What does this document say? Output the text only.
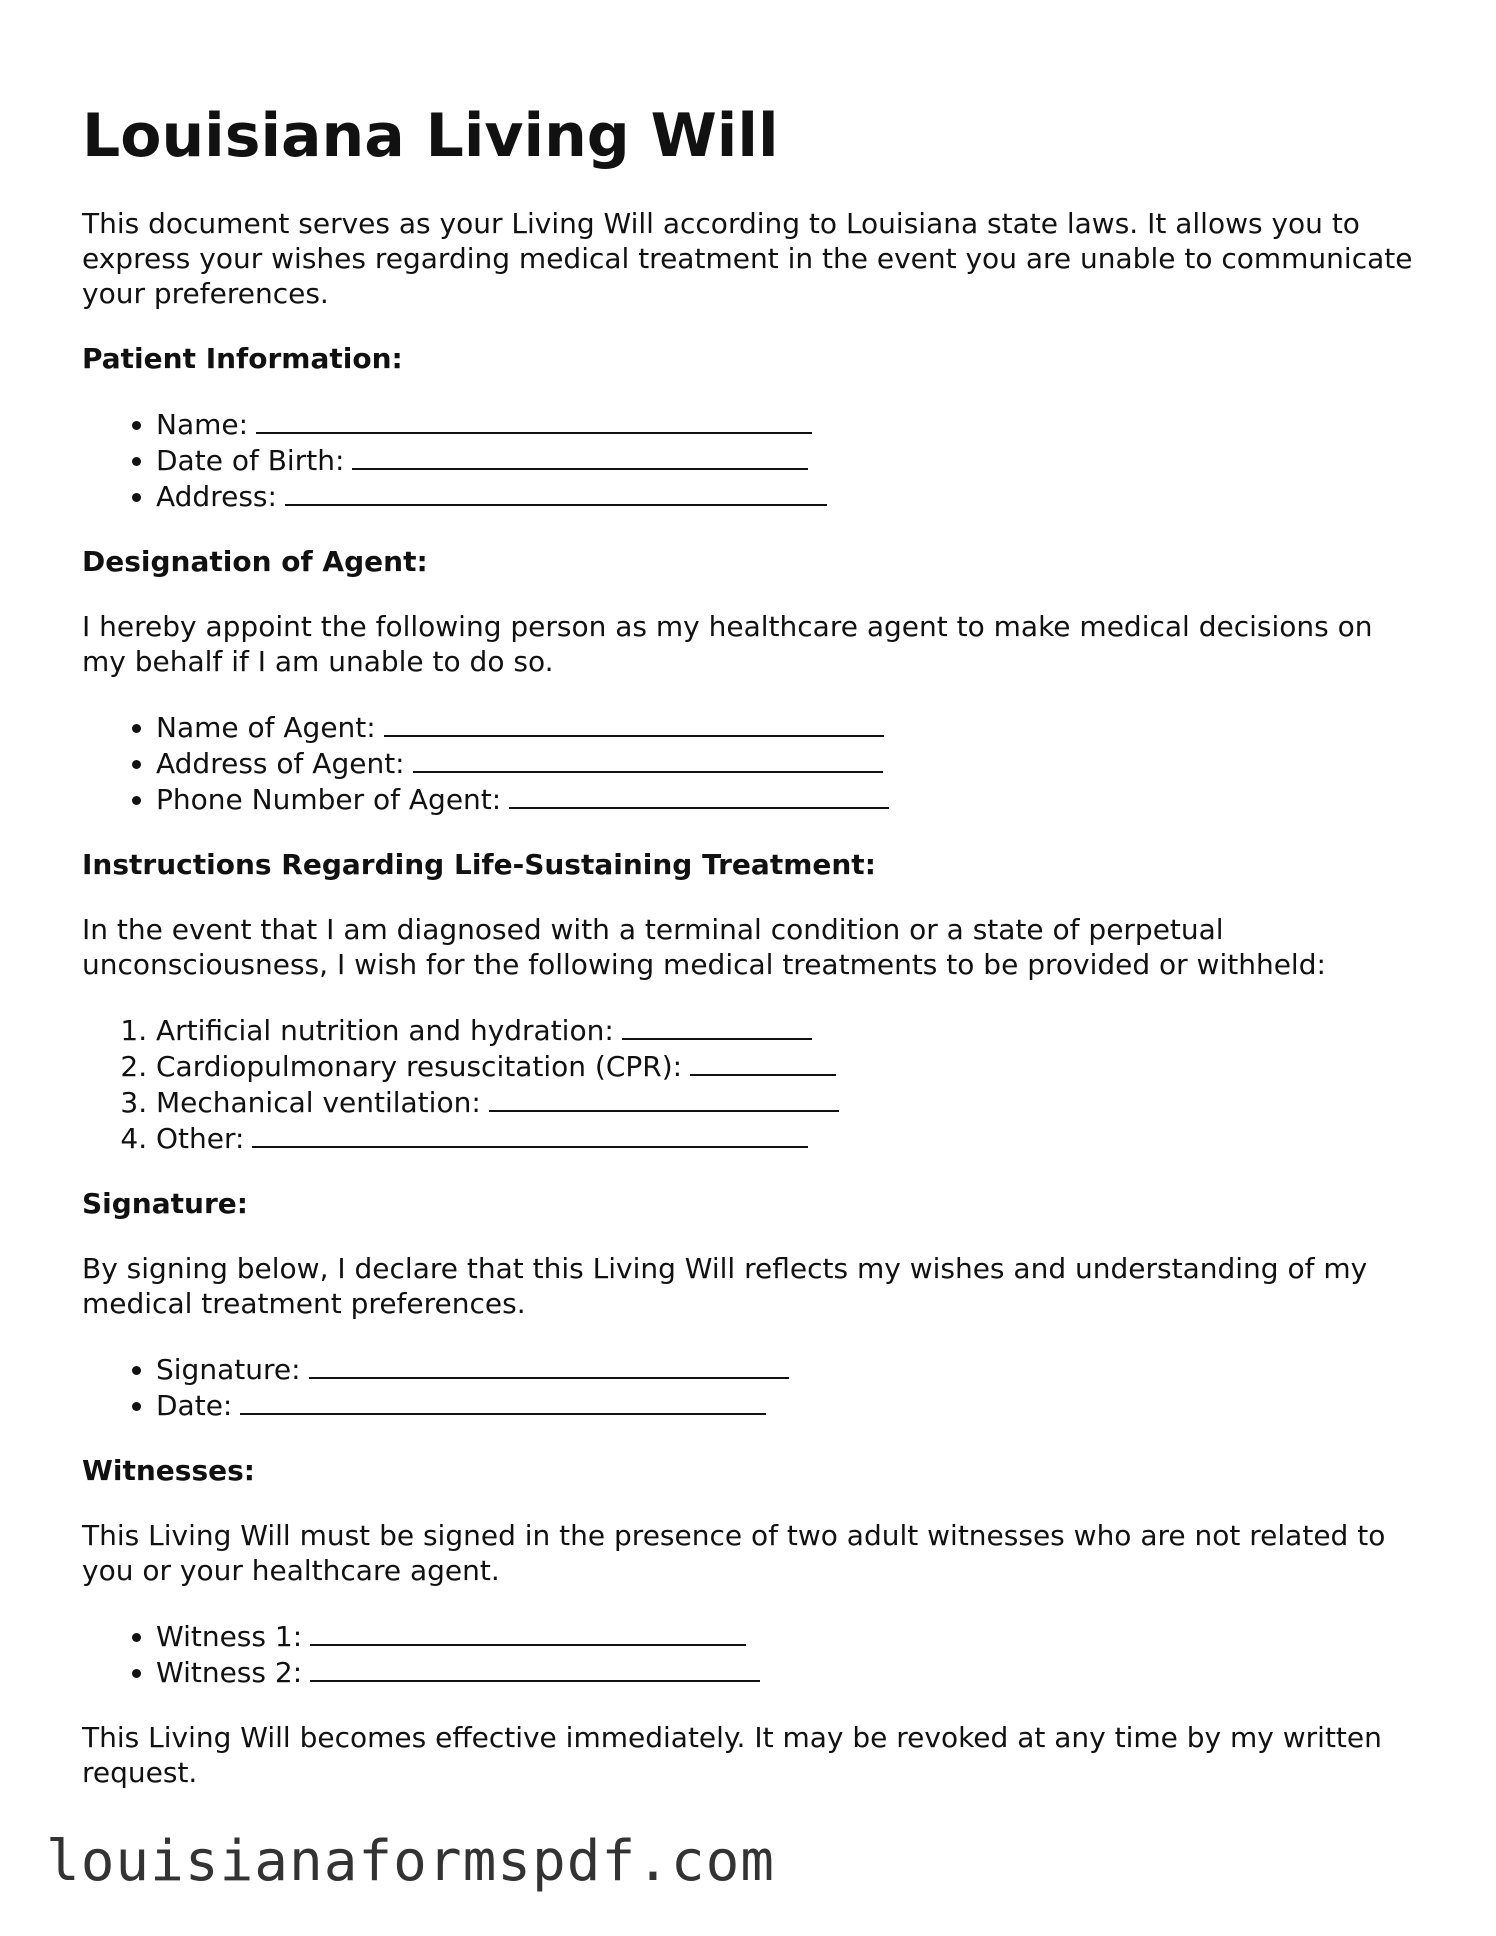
Louisiana Living Will

This document serves as your Living Will according to Louisiana state laws. It allows you to express your wishes regarding medical treatment in the event you are unable to communicate your preferences.

Patient Information:
• Name:
• Date of Birth:
• Address:
Designation of Agent:

I hereby appoint the following person as my healthcare agent to make medical decisions on my behalf if I am unable to do so.

• Name of Agent:
• Address of Agent:
• Phone Number of Agent:
Instructions Regarding Life-Sustaining Treatment:

In the event that I am diagnosed with a terminal condition or a state of perpetual unconsciousness, I wish for the following medical treatments to be provided or withheld:

1. Artificial nutrition and hydration:
2. Cardiopulmonary resuscitation (CPR):
3. Mechanical ventilation:
4. Other:
Signature:

By signing below, I declare that this Living Will reflects my wishes and understanding of my medical treatment preferences.

• Signature:
• Date:
Witnesses:

This Living Will must be signed in the presence of two adult witnesses who are not related to you or your healthcare agent.

• Witness 1:
• Witness 2:

This Living Will becomes effective immediately. It may be revoked at any time by my written request.

louisianaformspdf.com
